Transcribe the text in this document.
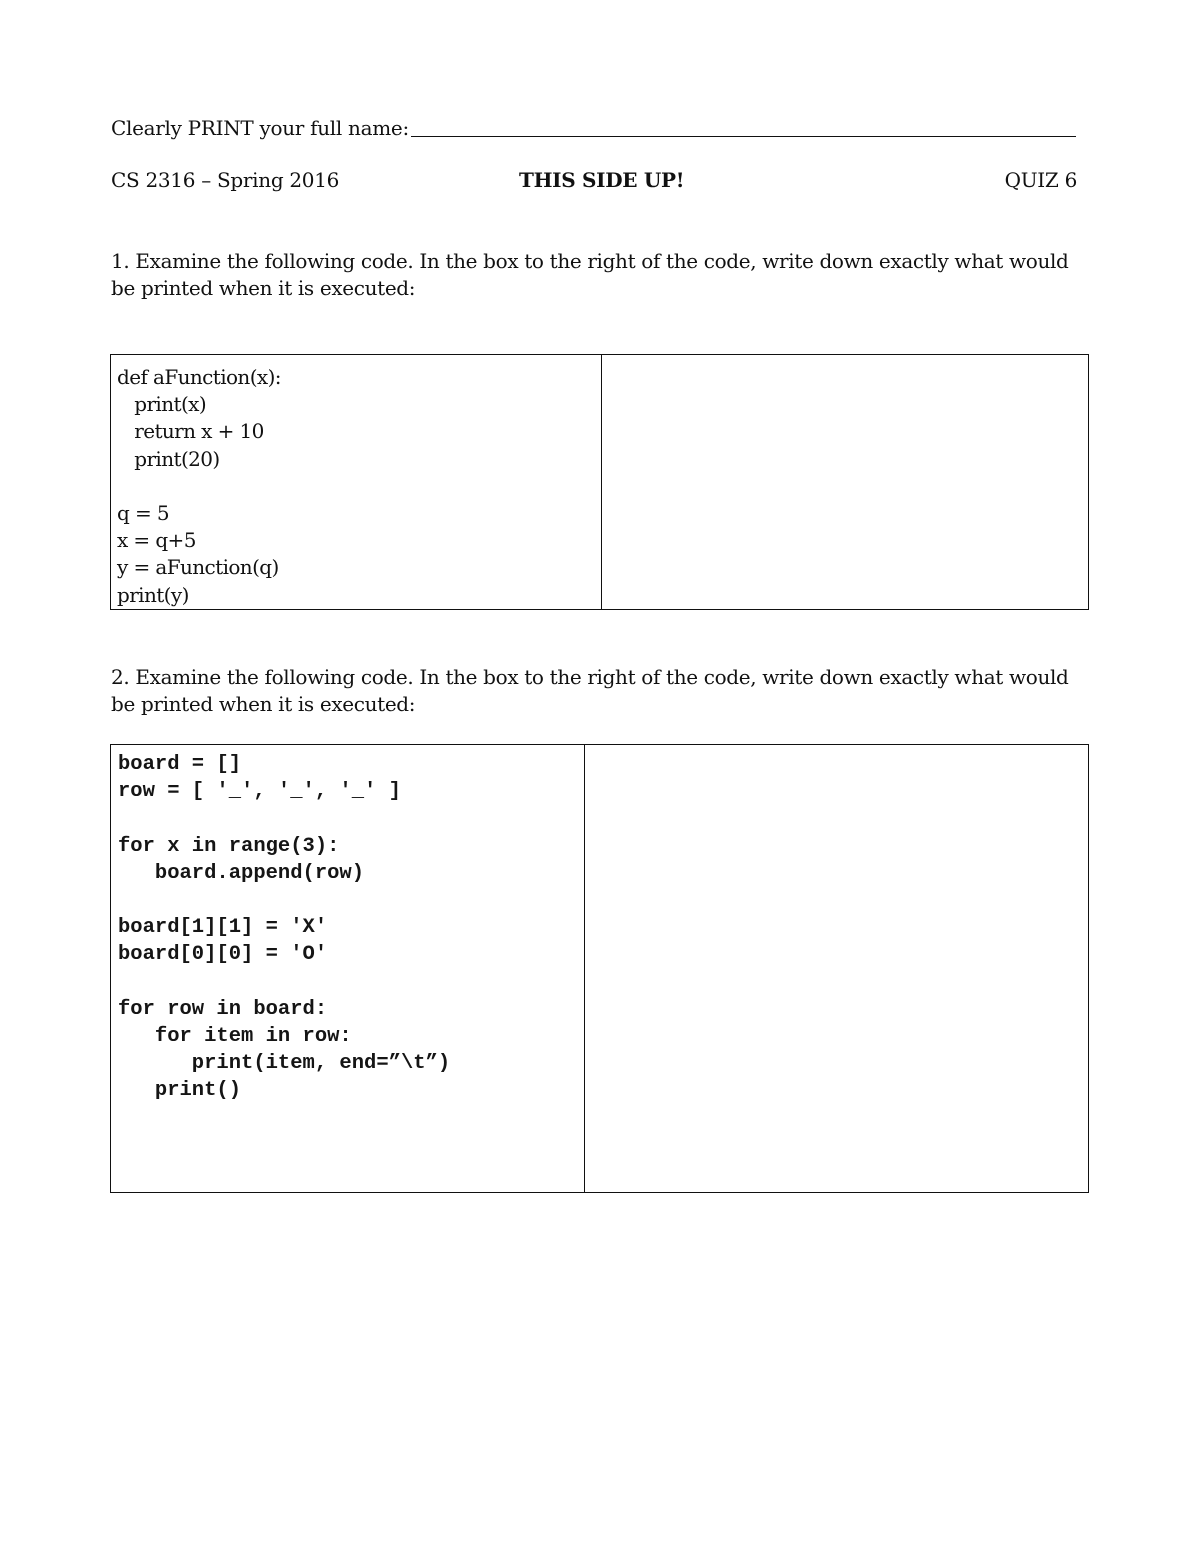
Clearly PRINT your full name:
CS 2316 – Spring 2016	THIS SIDE UP!	QUIZ 6
1. Examine the following code. In the box to the right of the code, write down exactly what would be printed when it is executed:
def aFunction(x):
print(x)
return x + 10
print(20)
q = 5
x = q+5
y = aFunction(q)
print(y)
2. Examine the following code. In the box to the right of the code, write down exactly what would be printed when it is executed:
board = []
row = [ '_', '_', '_' ]
for x in range(3):
board.append(row)
board[1][1] = 'X'
board[0][0] = 'O'
for row in board:
for item in row:
print(item, end=”\t”)
print()
